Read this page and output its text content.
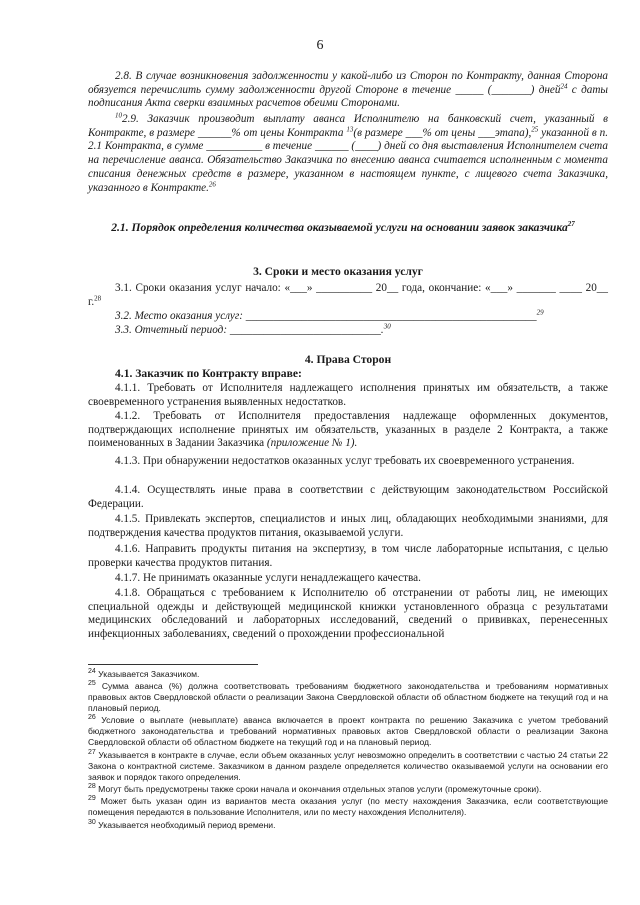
6
2.8. В случае возникновения задолженности у какой-либо из Сторон по Контракту, данная Сторона обязуется перечислить сумму задолженности другой Стороне в течение _____ (_______) дней$^{24}$ с даты подписания Акта сверки взаимных расчетов обеими Сторонами.
$^{10}$2.9. Заказчик производит выплату аванса Исполнителю на банковский счет, указанный в Контракте, в размере ______% от цены Контракта $^{13}$(в размере ___% от цены ___этапа),$^{25}$ указанной в п. 2.1 Контракта, в сумме __________ в течение ______ (____) дней со дня выставления Исполнителем счета на перечисление аванса. Обязательство Заказчика по внесению аванса считается исполненным с момента списания денежных средств в размере, указанном в настоящем пункте, с лицевого счета Заказчика, указанного в Контракте.$^{26}$
2.1. Порядок определения количества оказываемой услуги на основании заявок заказчика$^{27}$
3. Сроки и место оказания услуг
3.1. Сроки оказания услуг начало: «___» __________ 20__ года, окончание: «___» _______ ____ 20__ г.$^{28}$
3.2. Место оказания услуг: ____________________________________________________$^{29}$
3.3. Отчетный период: ___________________________.$^{30}$
4. Права Сторон
4.1. Заказчик по Контракту вправе:
4.1.1. Требовать от Исполнителя надлежащего исполнения принятых им обязательств, а также своевременного устранения выявленных недостатков.
4.1.2. Требовать от Исполнителя предоставления надлежаще оформленных документов, подтверждающих исполнение принятых им обязательств, указанных в разделе 2 Контракта, а также поименованных в Задании Заказчика (приложение № 1).
4.1.3. При обнаружении недостатков оказанных услуг требовать их своевременного устранения.
4.1.4. Осуществлять иные права в соответствии с действующим законодательством Российской Федерации.
4.1.5. Привлекать экспертов, специалистов и иных лиц, обладающих необходимыми знаниями, для подтверждения качества продуктов питания, оказываемой услуги.
4.1.6. Направить продукты питания на экспертизу, в том числе лабораторные испытания, с целью проверки качества продуктов питания.
4.1.7. Не принимать оказанные услуги ненадлежащего качества.
4.1.8. Обращаться с требованием к Исполнителю об отстранении от работы лиц, не имеющих специальной одежды и действующей медицинской книжки установленного образца с результатами медицинских обследований и лабораторных исследований, сведений о прививках, перенесенных инфекционных заболеваниях, сведений о прохождении профессиональной
$^{24}$ Указывается Заказчиком.
$^{25}$ Сумма аванса (%) должна соответствовать требованиям бюджетного законодательства и требованиям нормативных правовых актов Свердловской области о реализации Закона Свердловской области об областном бюджете на текущий год и на плановый период.
$^{26}$ Условие о выплате (невыплате) аванса включается в проект контракта по решению Заказчика с учетом требований бюджетного законодательства и требований нормативных правовых актов Свердловской области о реализации Закона Свердловской области об областном бюджете на текущий год и на плановый период.
$^{27}$ Указывается в контракте в случае, если объем оказанных услуг невозможно определить в соответствии с частью 24 статьи 22 Закона о контрактной системе. Заказчиком в данном разделе определяется количество оказываемой услуги на основании его заявок и порядок такого определения.
$^{28}$ Могут быть предусмотрены также сроки начала и окончания отдельных этапов услуги (промежуточные сроки).
$^{29}$ Может быть указан один из вариантов места оказания услуг (по месту нахождения Заказчика, если соответствующие помещения передаются в пользование Исполнителя, или по месту нахождения Исполнителя).
$^{30}$ Указывается необходимый период времени.
